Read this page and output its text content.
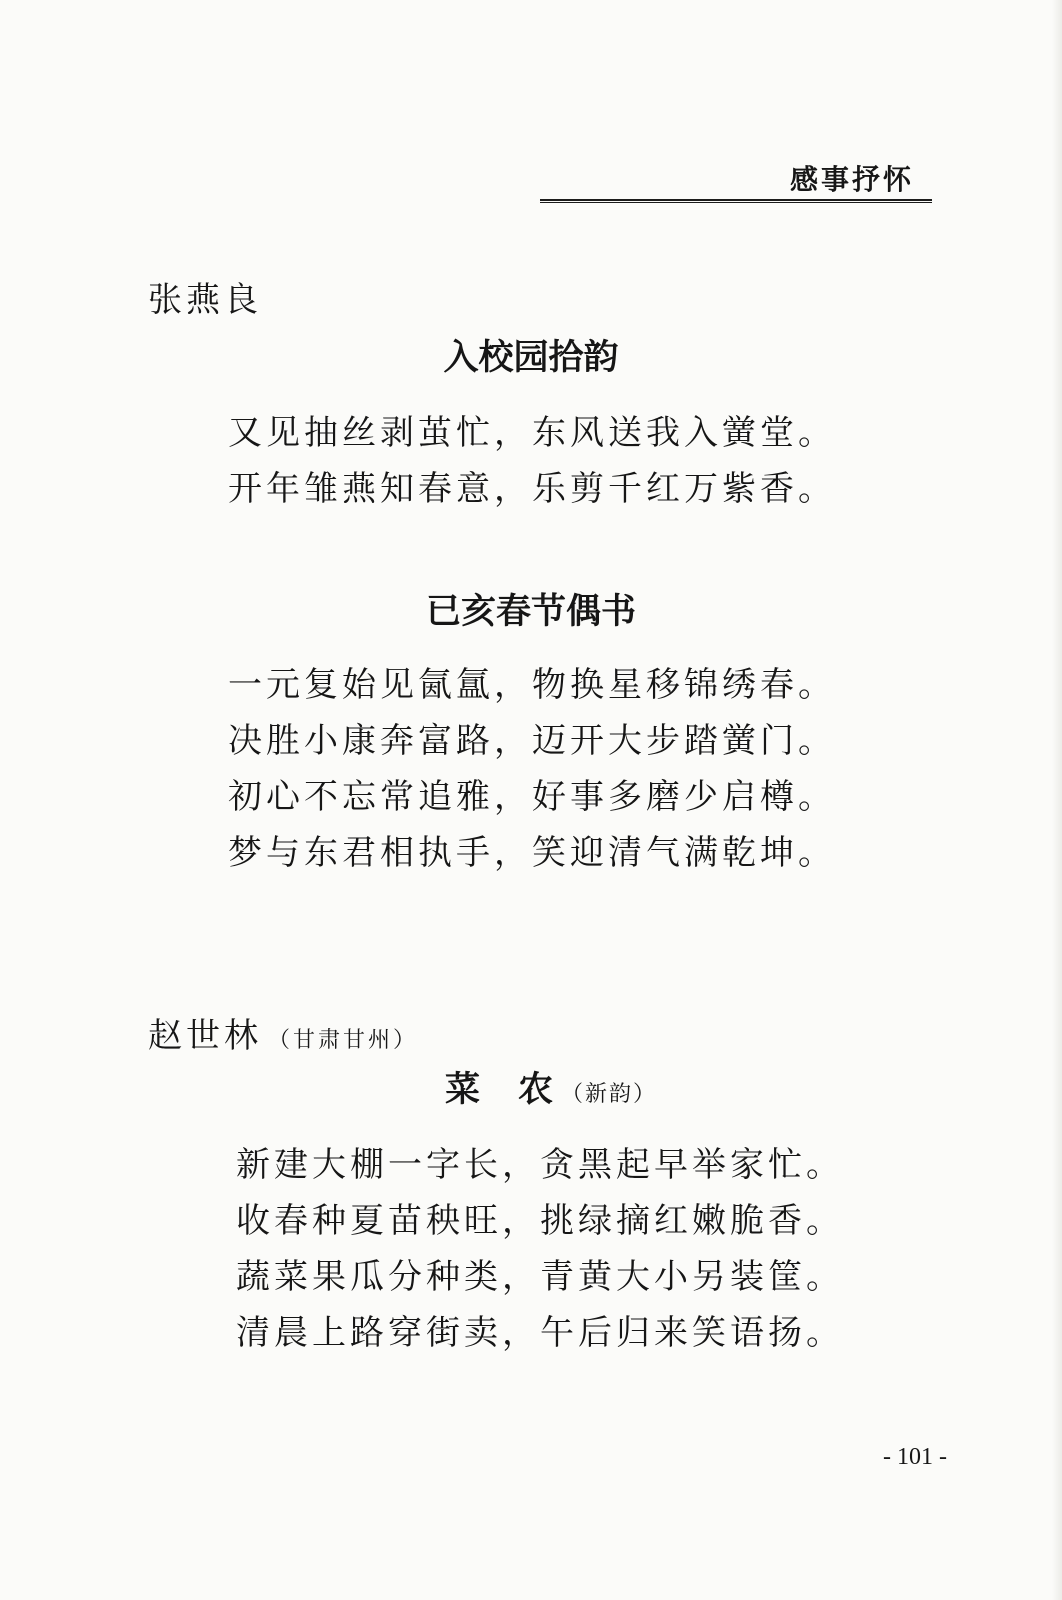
感事抒怀
张燕良
入校园拾韵
又见抽丝剥茧忙，东风送我入黉堂。
开年雏燕知春意，乐剪千红万紫香。
已亥春节偶书
一元复始见氤氲，物换星移锦绣春。
决胜小康奔富路，迈开大步踏黉门。
初心不忘常追雅，好事多磨少启樽。
梦与东君相执手，笑迎清气满乾坤。
赵世林 （甘肃甘州）
菜 农 （新韵）
新建大棚一字长，贪黑起早举家忙。
收春种夏苗秧旺，挑绿摘红嫩脆香。
蔬菜果瓜分种类，青黄大小另装筐。
清晨上路穿街卖，午后归来笑语扬。
- 101 -
